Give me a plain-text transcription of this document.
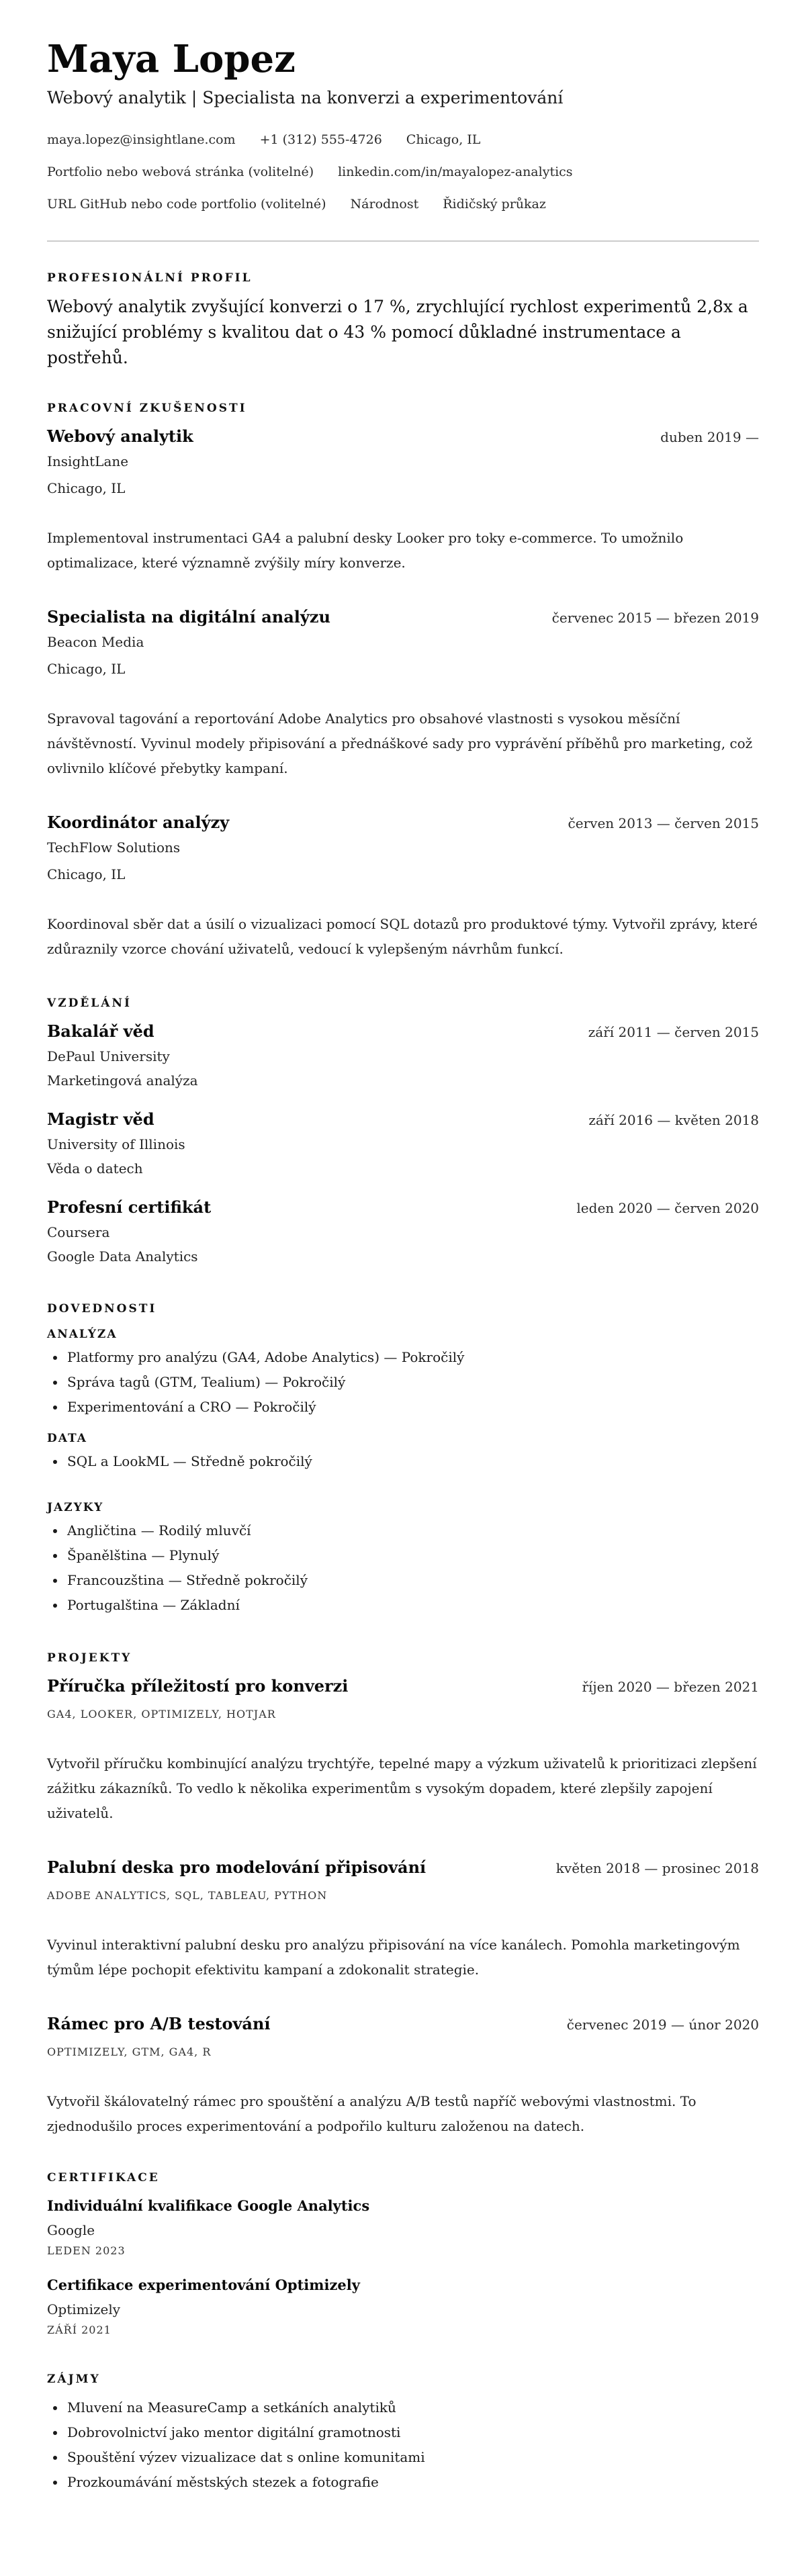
Maya Lopez
Webový analytik | Specialista na konverzi a experimentování
maya.lopez@insightlane.com +1 (312) 555-4726 Chicago, IL
Portfolio nebo webová stránka (volitelné) linkedin.com/in/mayalopez-analytics
URL GitHub nebo code portfolio (volitelné) Národnost Řidičský průkaz
PROFESIONÁLNÍ PROFIL

Webový analytik zvyšující konverzi o 17 %, zrychlující rychlost experimentů 2,8x a snižující problémy s kvalitou dat o 43 % pomocí důkladné instrumentace a postřehů.

PRACOVNÍ ZKUŠENOSTI
Webový analytik	duben 2019 —
InsightLane
Chicago, IL

Implementoval instrumentaci GA4 a palubní desky Looker pro toky e-commerce. To umožnilo optimalizace, které významně zvýšily míry konverze.

Specialista na digitální analýzu	červenec 2015 — březen 2019
Beacon Media
Chicago, IL

Spravoval tagování a reportování Adobe Analytics pro obsahové vlastnosti s vysokou měsíční návštěvností. Vyvinul modely připisování a přednáškové sady pro vyprávění příběhů pro marketing, což ovlivnilo klíčové přebytky kampaní.

Koordinátor analýzy	červen 2013 — červen 2015
TechFlow Solutions
Chicago, IL

Koordinoval sběr dat a úsilí o vizualizaci pomocí SQL dotazů pro produktové týmy. Vytvořil zprávy, které zdůraznily vzorce chování uživatelů, vedoucí k vylepšeným návrhům funkcí.

VZDĚLÁNÍ
Bakalář věd	září 2011 — červen 2015
DePaul University
Marketingová analýza
Magistr věd	září 2016 — květen 2018
University of Illinois
Věda o datech
Profesní certifikát	leden 2020 — červen 2020
Coursera
Google Data Analytics
DOVEDNOSTI
ANALÝZA
• Platformy pro analýzu (GA4, Adobe Analytics) — Pokročilý
• Správa tagů (GTM, Tealium) — Pokročilý
• Experimentování a CRO — Pokročilý
DATA
• SQL a LookML — Středně pokročilý
JAZYKY
• Angličtina — Rodilý mluvčí
• Španělština — Plynulý
• Francouzština — Středně pokročilý
• Portugalština — Základní
PROJEKTY
Příručka příležitostí pro konverzi	říjen 2020 — březen 2021
GA4, LOOKER, OPTIMIZELY, HOTJAR

Vytvořil příručku kombinující analýzu trychtýře, tepelné mapy a výzkum uživatelů k prioritizaci zlepšení zážitku zákazníků. To vedlo k několika experimentům s vysokým dopadem, které zlepšily zapojení uživatelů.

Palubní deska pro modelování připisování	květen 2018 — prosinec 2018
ADOBE ANALYTICS, SQL, TABLEAU, PYTHON

Vyvinul interaktivní palubní desku pro analýzu připisování na více kanálech. Pomohla marketingovým týmům lépe pochopit efektivitu kampaní a zdokonalit strategie.

Rámec pro A/B testování	červenec 2019 — únor 2020
OPTIMIZELY, GTM, GA4, R

Vytvořil škálovatelný rámec pro spouštění a analýzu A/B testů napříč webovými vlastnostmi. To zjednodušilo proces experimentování a podpořilo kulturu založenou na datech.

CERTIFIKACE
Individuální kvalifikace Google Analytics
Google
LEDEN 2023
Certifikace experimentování Optimizely
Optimizely
ZÁŘÍ 2021
ZÁJMY
• Mluvení na MeasureCamp a setkáních analytiků
• Dobrovolnictví jako mentor digitální gramotnosti
• Spouštění výzev vizualizace dat s online komunitami
• Prozkoumávání městských stezek a fotografie
